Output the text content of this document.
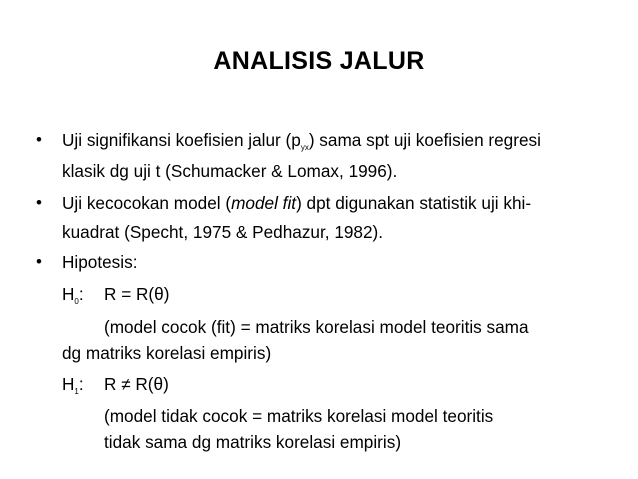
ANALISIS JALUR
• Uji signifikansi koefisien jalur $(p_{yx})$ sama spt uji koefisien regresi
klasik dg uji t (Schumacker & Lomax, 1996).
• Uji kecocokan model (model fit) dpt digunakan statistik uji khi-
kuadrat (Specht, 1975 & Pedhazur, 1982).
• Hipotesis:
$H_0$: R = R(θ)
(model cocok (fit) = matriks korelasi model teoritis sama
dg matriks korelasi empiris)
$H_1$: R ≠ R(θ)
(model tidak cocok = matriks korelasi model teoritis
tidak sama dg matriks korelasi empiris)
